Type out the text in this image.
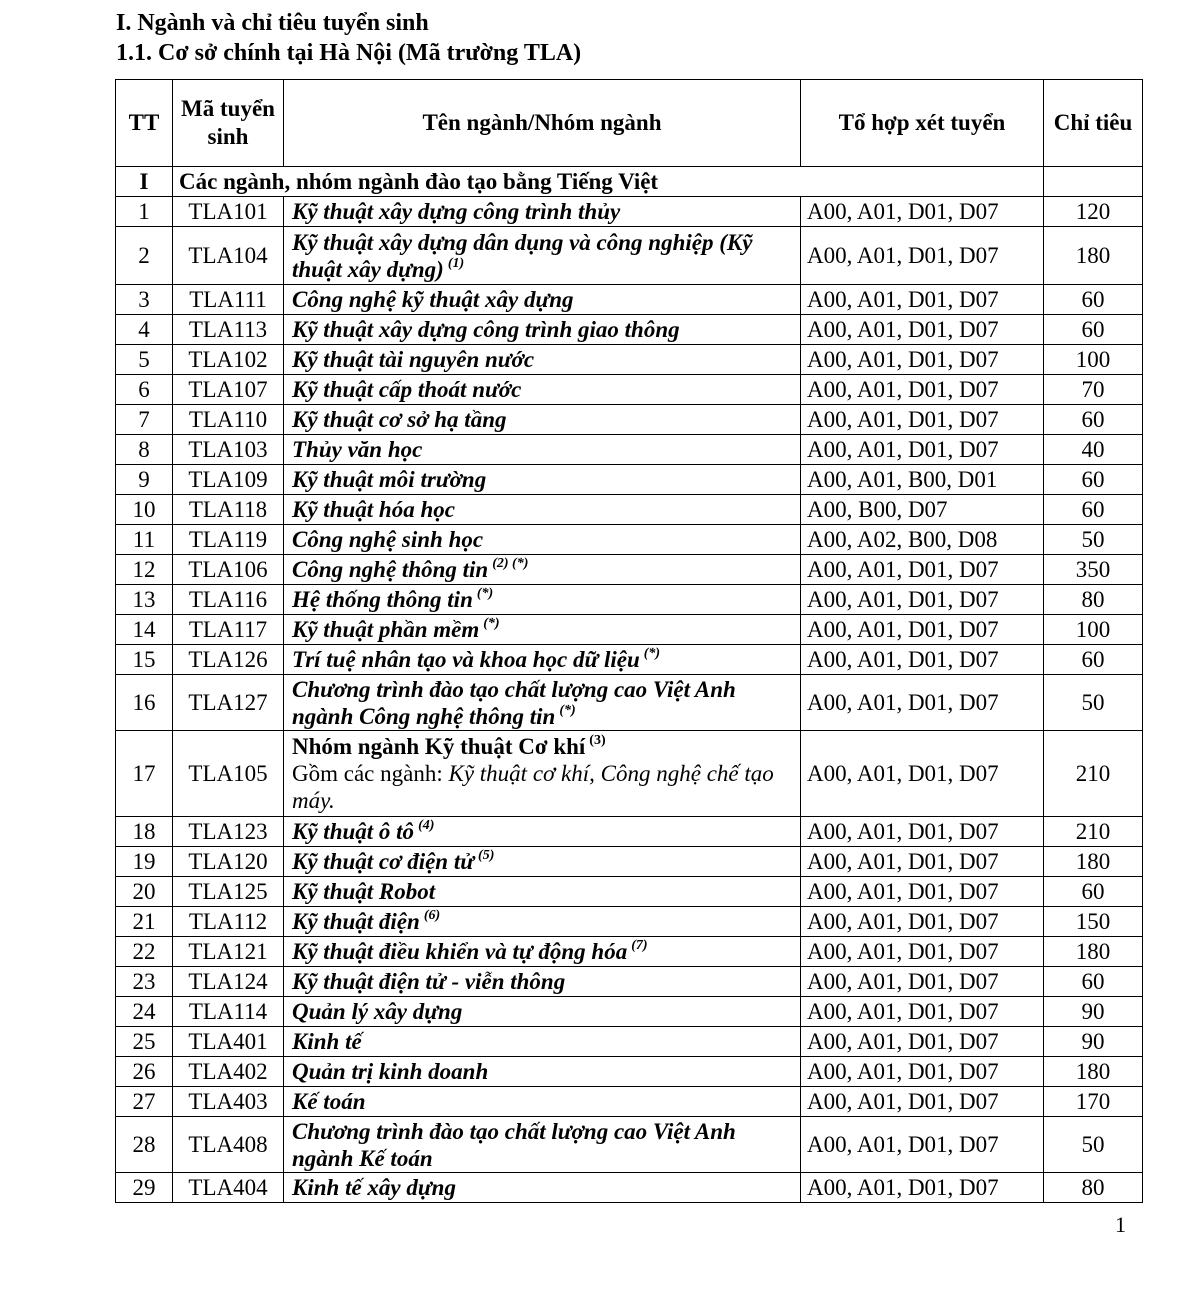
I. Ngành và chỉ tiêu tuyển sinh
1.1. Cơ sở chính tại Hà Nội (Mã trường TLA)
TT	Mã tuyển sinh	Tên ngành/Nhóm ngành	Tổ hợp xét tuyển	Chỉ tiêu
I	Các ngành, nhóm ngành đào tạo bằng Tiếng Việt			
1	TLA101	Kỹ thuật xây dựng công trình thủy	A00, A01, D01, D07	120
2	TLA104	Kỹ thuật xây dựng dân dụng và công nghiệp (Kỹ thuật xây dựng) $^{(1)}$	A00, A01, D01, D07	180
3	TLA111	Công nghệ kỹ thuật xây dựng	A00, A01, D01, D07	60
4	TLA113	Kỹ thuật xây dựng công trình giao thông	A00, A01, D01, D07	60
5	TLA102	Kỹ thuật tài nguyên nước	A00, A01, D01, D07	100
6	TLA107	Kỹ thuật cấp thoát nước	A00, A01, D01, D07	70
7	TLA110	Kỹ thuật cơ sở hạ tầng	A00, A01, D01, D07	60
8	TLA103	Thủy văn học	A00, A01, D01, D07	40
9	TLA109	Kỹ thuật môi trường	A00, A01, B00, D01	60
10	TLA118	Kỹ thuật hóa học	A00, B00, D07	60
11	TLA119	Công nghệ sinh học	A00, A02, B00, D08	50
12	TLA106	Công nghệ thông tin $^{(2) (*)}$	A00, A01, D01, D07	350
13	TLA116	Hệ thống thông tin (*)	A00, A01, D01, D07	80
14	TLA117	Kỹ thuật phần mềm (*)	A00, A01, D01, D07	100
15	TLA126	Trí tuệ nhân tạo và khoa học dữ liệu (*)	A00, A01, D01, D07	60
16	TLA127	Chương trình đào tạo chất lượng cao Việt Anh ngành Công nghệ thông tin (*)	A00, A01, D01, D07	50
17	TLA105	Nhóm ngành Kỹ thuật Cơ khí $^{(3)}$
Gồm các ngành: Kỹ thuật cơ khí, Công nghệ chế tạo máy.	A00, A01, D01, D07	210
18	TLA123	Kỹ thuật ô tô $^{(4)}$	A00, A01, D01, D07	210
19	TLA120	Kỹ thuật cơ điện tử $^{(5)}$	A00, A01, D01, D07	180
20	TLA125	Kỹ thuật Robot	A00, A01, D01, D07	60
21	TLA112	Kỹ thuật điện $^{(6)}$	A00, A01, D01, D07	150
22	TLA121	Kỹ thuật điều khiển và tự động hóa $^{(7)}$	A00, A01, D01, D07	180
23	TLA124	Kỹ thuật điện tử - viễn thông	A00, A01, D01, D07	60
24	TLA114	Quản lý xây dựng	A00, A01, D01, D07	90
25	TLA401	Kinh tế	A00, A01, D01, D07	90
26	TLA402	Quản trị kinh doanh	A00, A01, D01, D07	180
27	TLA403	Kế toán	A00, A01, D01, D07	170
28	TLA408	Chương trình đào tạo chất lượng cao Việt Anh ngành Kế toán	A00, A01, D01, D07	50
29	TLA404	Kinh tế xây dựng	A00, A01, D01, D07	80
1
